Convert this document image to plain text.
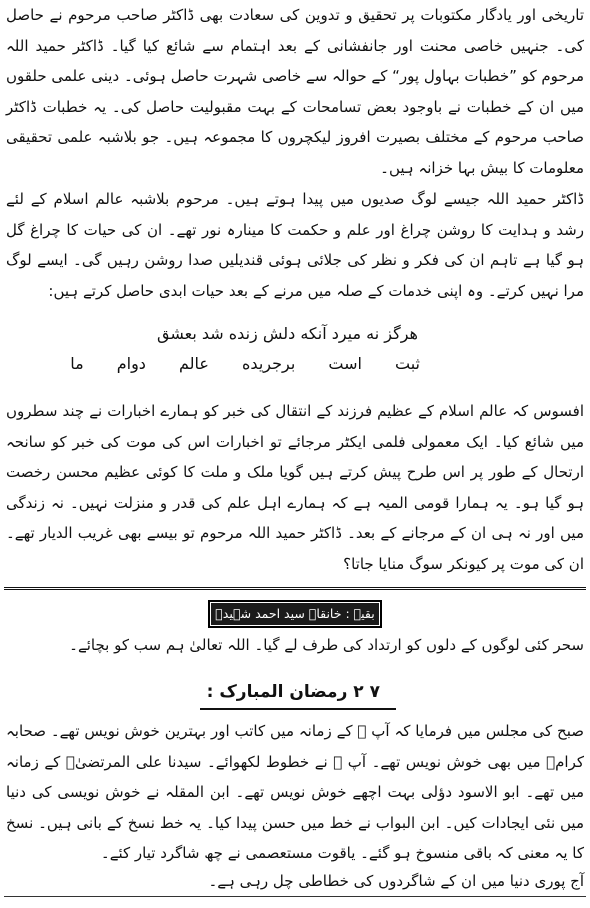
تاریخی اور یادگار مکتوبات پر تحقیق و تدوین کی سعادت بھی ڈاکٹر صاحب مرحوم نے حاصل کی۔ جنہیں خاصی محنت اور جانفشانی کے بعد اہتمام سے شائع کیا گیا۔ ڈاکٹر حمید اللہ مرحوم کو ”خطبات بہاول پور“ کے حوالہ سے خاصی شہرت حاصل ہوئی۔ دینی علمی حلقوں میں ان کے خطبات نے باوجود بعض تسامحات کے بہت مقبولیت حاصل کی۔ یہ خطبات ڈاکٹر صاحب مرحوم کے مختلف بصیرت افروز لیکچروں کا مجموعہ ہیں۔ جو بلاشبہ علمی تحقیقی معلومات کا بیش بہا خزانہ ہیں۔

ڈاکٹر حمید اللہ جیسے لوگ صدیوں میں پیدا ہوتے ہیں۔ مرحوم بلاشبہ عالم اسلام کے لئے رشد و ہدایت کا روشن چراغ اور علم و حکمت کا مینارہ نور تھے۔ ان کی حیات کا چراغ گل ہو گیا ہے تاہم ان کی فکر و نظر کی جلائی ہوئی قندیلیں صدا روشن رہیں گی۔ ایسے لوگ مرا نہیں کرتے۔ وہ اپنی خدمات کے صلہ میں مرنے کے بعد حیات ابدی حاصل کرتے ہیں:

هرگز نه میرد آنکه دلش زنده شد بعشق
ثبت است برجریده عالم دوام ما

افسوس کہ عالم اسلام کے عظیم فرزند کے انتقال کی خبر کو ہمارے اخبارات نے چند سطروں میں شائع کیا۔ ایک معمولی فلمی ایکٹر مرجائے تو اخبارات اس کی موت کی خبر کو سانحہ ارتحال کے طور پر اس طرح پیش کرتے ہیں گویا ملک و ملت کا کوئی عظیم محسن رخصت ہو گیا ہو۔ یہ ہمارا قومی المیہ ہے کہ ہمارے اہل علم کی قدر و منزلت نہیں۔ نہ زندگی میں اور نہ ہی ان کے مرجانے کے بعد۔ ڈاکٹر حمید اللہ مرحوم تو بیسے بھی غریب الدیار تھے۔ ان کی موت پر کیونکر سوگ منایا جاتا؟

بقیہ : خانقاہ سید احمد شہیدؒ

سحر کئی لوگوں کے دلوں کو ارتداد کی طرف لے گیا۔ اللہ تعالیٰ ہم سب کو بچائے۔

۷ ۲ رمضان المبارک :

صبح کی مجلس میں فرمایا کہ آپ ﷺ کے زمانہ میں کاتب اور بہترین خوش نویس تھے۔ صحابہ کرامؓ میں بھی خوش نویس تھے۔ آپ ﷺ نے خطوط لکھوائے۔ سیدنا علی المرتضیٰؓ کے زمانہ میں تھے۔ ابو الاسود دؤلی بہت اچھے خوش نویس تھے۔ ابن المقلہ نے خوش نویسی کی دنیا میں نئی ایجادات کیں۔ ابن البواب نے خط میں حسن پیدا کیا۔ یہ خط نسخ کے بانی ہیں۔ نسخ کا یہ معنی کہ باقی منسوخ ہو گئے۔ یاقوت مستعصمی نے چھ شاگرد تیار کئے۔

آج پوری دنیا میں ان کے شاگردوں کی خطاطی چل رہی ہے۔
